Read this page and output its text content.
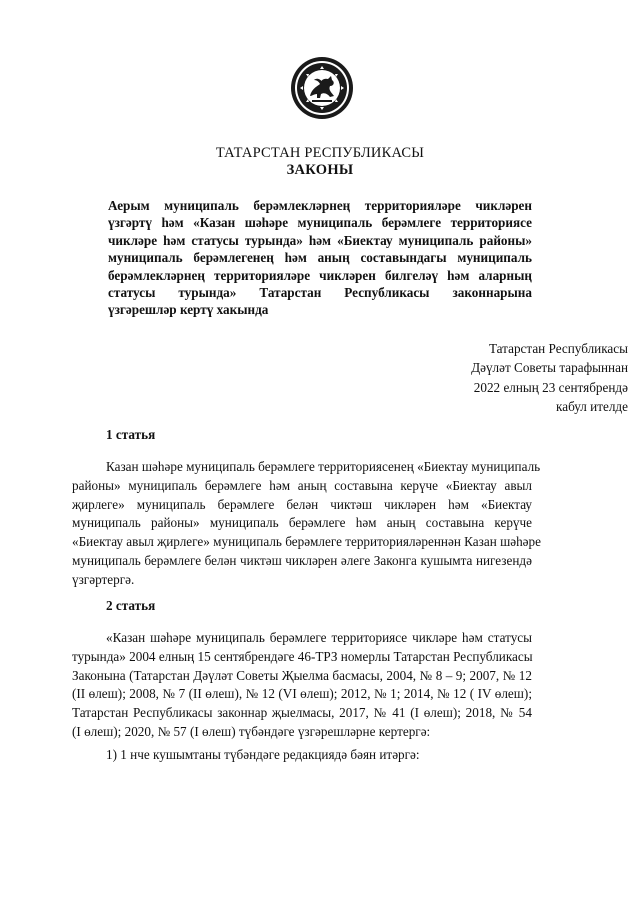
ТАТАРСТАН РЕСПУБЛИКАСЫ
ЗАКОНЫ
Аерым муниципаль берәмлекләрнең территорияләре чикләрен
үзгәртү һәм «Казан шәһәре муниципаль берәмлеге территориясе
чикләре һәм статусы турында» һәм «Биектау муниципаль районы»
муниципаль берәмлегенең һәм аның составындагы муниципаль
берәмлекләрнең территорияләре чикләрен билгеләү һәм аларның
статусы турында» Татарстан Республикасы законнарына
үзгәрешләр кертү хакында
Татарстан Республикасы
Дәүләт Советы тарафыннан
2022 елның 23 сентябрендә
кабул ителде
1 статья
Казан шәһәре муниципаль берәмлеге территориясенең «Биектау муниципаль
районы» муниципаль берәмлеге һәм аның составына керүче «Биектау авыл
җирлеге» муниципаль берәмлеге белән чиктәш чикләрен һәм «Биектау
муниципаль районы» муниципаль берәмлеге һәм аның составына керүче
«Биектау авыл җирлеге» муниципаль берәмлеге территорияләреннән Казан шәһәре
муниципаль берәмлеге белән чиктәш чикләрен әлеге Законга кушымта нигезендә
үзгәртергә.
2 статья
«Казан шәһәре муниципаль берәмлеге территориясе чикләре һәм статусы
турында» 2004 елның 15 сентябрендәге 46-ТРЗ номерлы Татарстан Республикасы
Законына (Татарстан Дәүләт Советы Җыелма басмасы, 2004, № 8 – 9; 2007, № 12
(II өлеш); 2008, № 7 (II өлеш), № 12 (VI өлеш); 2012, № 1; 2014, № 12 ( IV өлеш);
Татарстан Республикасы законнар җыелмасы, 2017, № 41 (I өлеш); 2018, № 54
(I өлеш); 2020, № 57 (I өлеш) түбәндәге үзгәрешләрне кертергә:
1) 1 нче кушымтаны түбәндәге редакциядә бәян итәргә:
